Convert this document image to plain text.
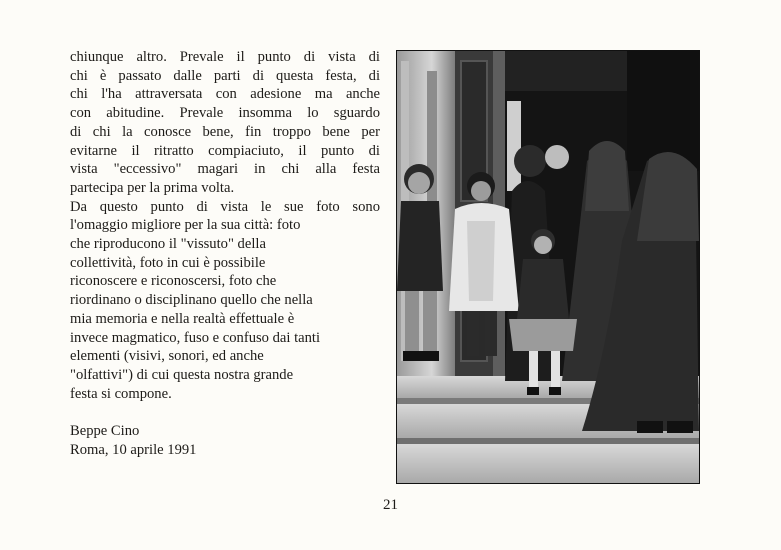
chiunque altro. Prevale il punto di vista di
chi è passato dalle parti di questa festa, di
chi l'ha attraversata con adesione ma anche
con abitudine. Prevale insomma lo sguardo
di chi la conosce bene, fin troppo bene per
evitarne il ritratto compiaciuto, il punto di
vista "eccessivo" magari in chi alla festa
partecipa per la prima volta.
Da questo punto di vista le sue foto sono
l'omaggio migliore per la sua città: foto
che riproducono il "vissuto" della
collettività, foto in cui è possibile
riconoscere e riconoscersi, foto che
riordinano o disciplinano quello che nella
mia memoria e nella realtà effettuale è
invece magmatico, fuso e confuso dai tanti
elementi (visivi, sonori, ed anche
"olfattivi") di cui questa nostra grande
festa si compone.
Beppe Cino
Roma, 10 aprile 1991
21
